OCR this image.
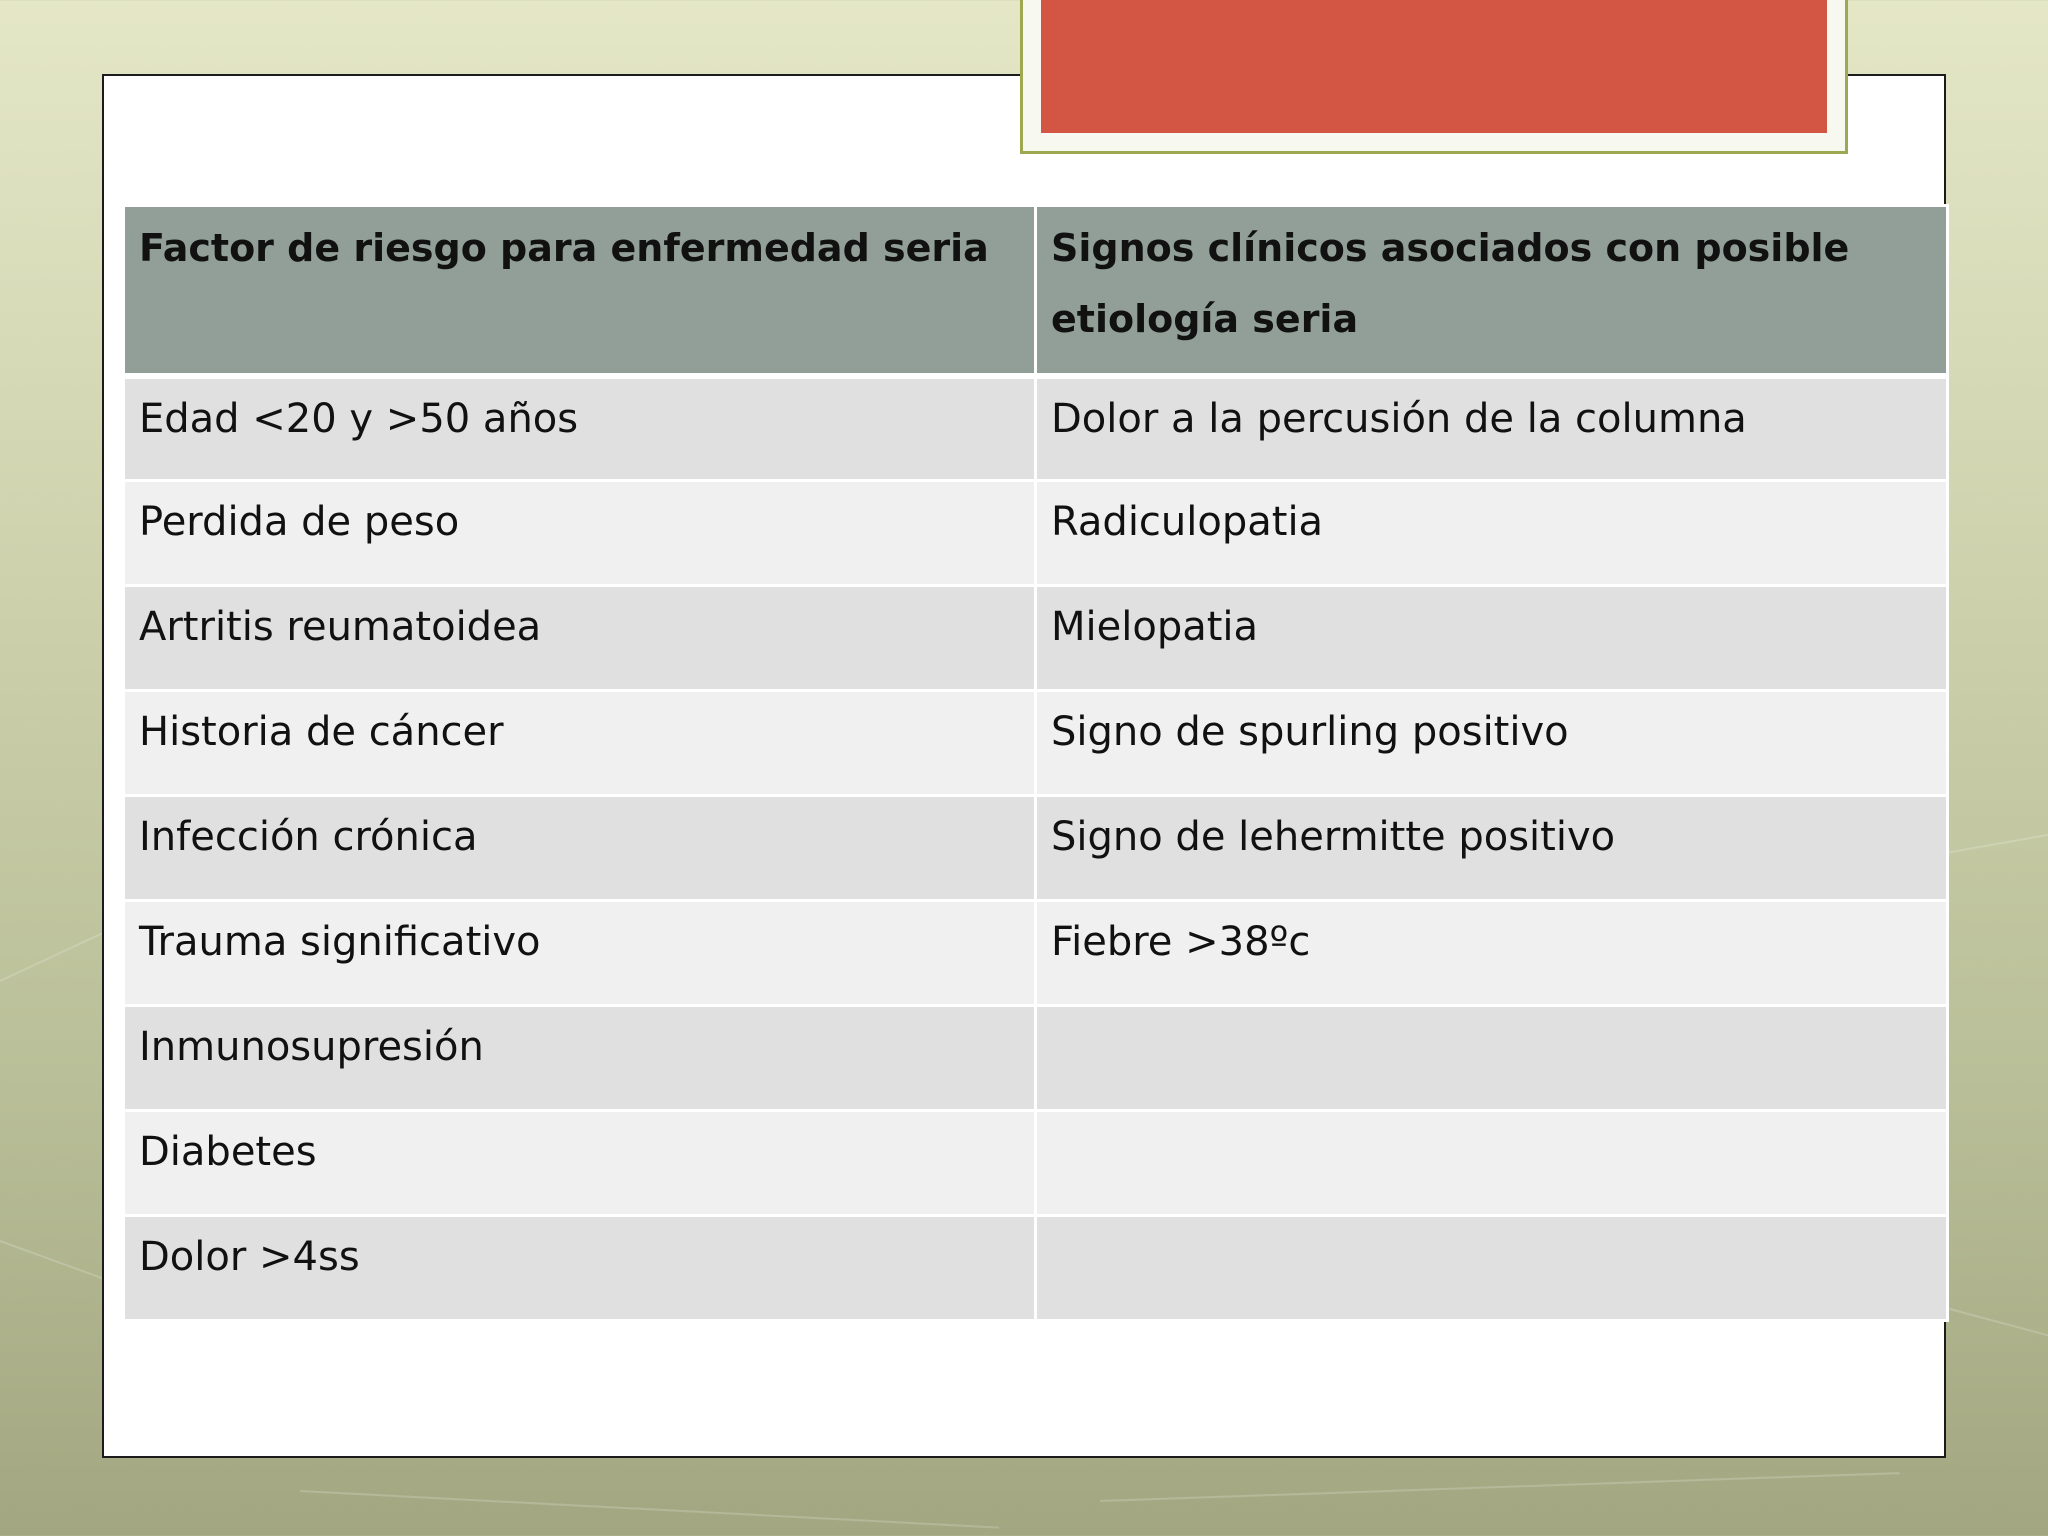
Factor de riesgo para enfermedad seria	Signos clínicos asociados con posible etiología seria
Edad <20 y >50 años	Dolor a la percusión de la columna
Perdida de peso	Radiculopatia
Artritis reumatoidea	Mielopatia
Historia de cáncer	Signo de spurling positivo
Infección crónica	Signo de lehermitte positivo
Trauma significativo	Fiebre >38ºc
Inmunosupresión	
Diabetes	
Dolor >4ss	
